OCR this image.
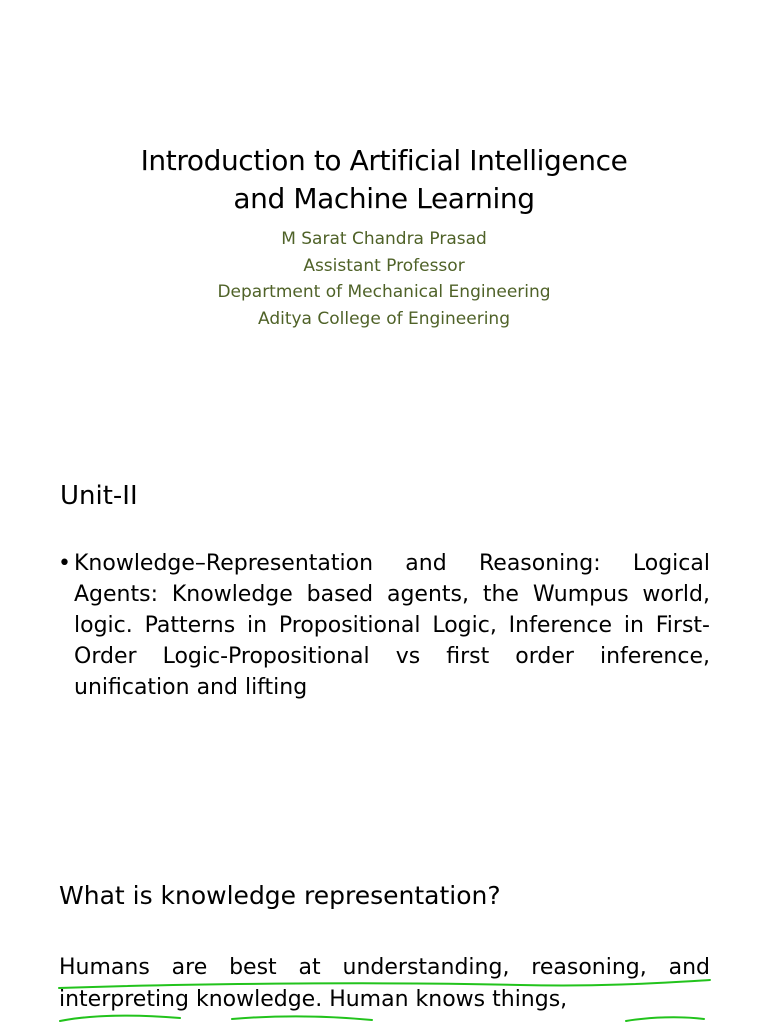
Introduction to Artificial Intelligence
and Machine Learning
M Sarat Chandra Prasad
Assistant Professor
Department of Mechanical Engineering
Aditya College of Engineering
Unit-II
• Knowledge–Representation and Reasoning: Logical Agents: Knowledge based agents, the Wumpus world, logic. Patterns in Propositional Logic, Inference in First-Order Logic-Propositional vs first order inference, unification and lifting
What is knowledge representation?
Humans are best at understanding, reasoning, and interpreting knowledge. Human knows things,
